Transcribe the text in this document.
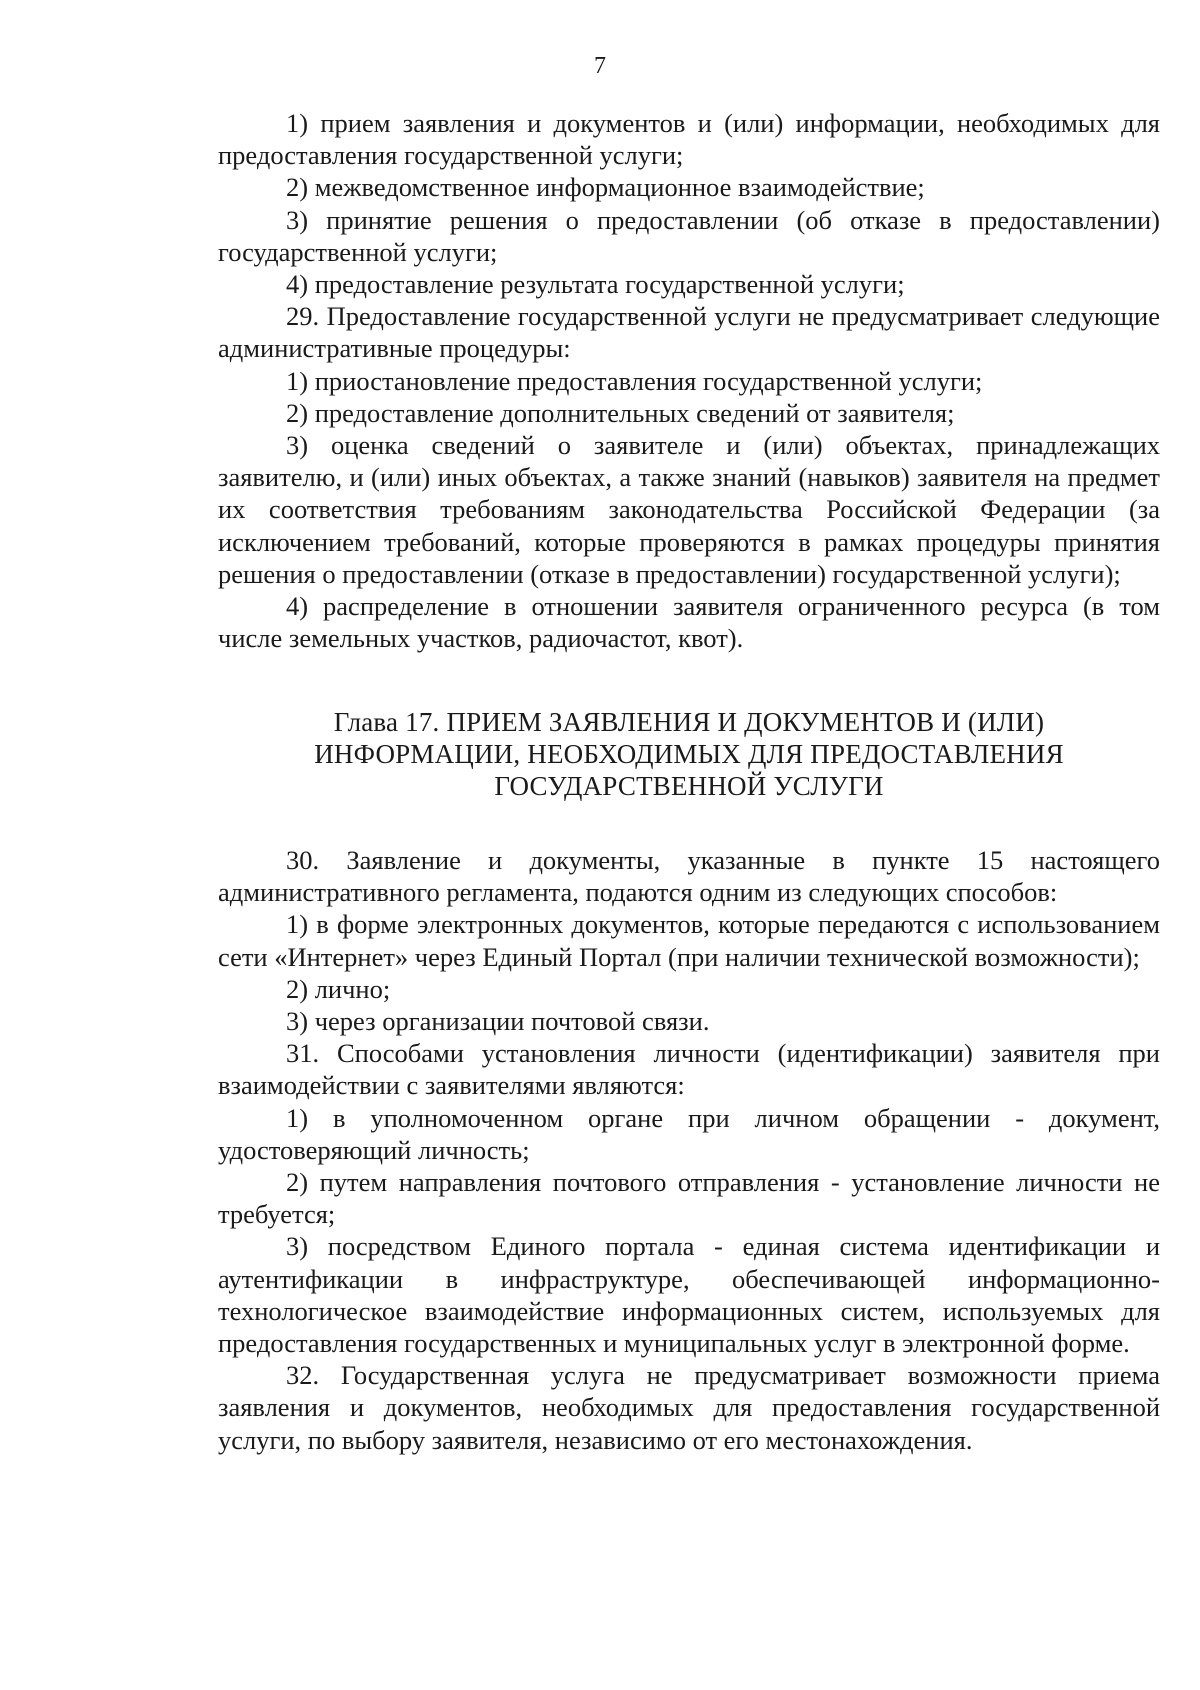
7

1) прием заявления и документов и (или) информации, необходимых для предоставления государственной услуги;

2) межведомственное информационное взаимодействие;

3) принятие решения о предоставлении (об отказе в предоставлении) государственной услуги;

4) предоставление результата государственной услуги;

29. Предоставление государственной услуги не предусматривает следующие административные процедуры:

1) приостановление предоставления государственной услуги;

2) предоставление дополнительных сведений от заявителя;

3) оценка сведений о заявителе и (или) объектах, принадлежащих заявителю, и (или) иных объектах, а также знаний (навыков) заявителя на предмет их соответствия требованиям законодательства Российской Федерации (за исключением требований, которые проверяются в рамках процедуры принятия решения о предоставлении (отказе в предоставлении) государственной услуги);

4) распределение в отношении заявителя ограниченного ресурса (в том числе земельных участков, радиочастот, квот).

Глава 17. ПРИЕМ ЗАЯВЛЕНИЯ И ДОКУМЕНТОВ И (ИЛИ)
ИНФОРМАЦИИ, НЕОБХОДИМЫХ ДЛЯ ПРЕДОСТАВЛЕНИЯ
ГОСУДАРСТВЕННОЙ УСЛУГИ

30. Заявление и документы, указанные в пункте 15 настоящего административного регламента, подаются одним из следующих способов:

1) в форме электронных документов, которые передаются с использованием сети «Интернет» через Единый Портал (при наличии технической возможности);

2) лично;

3) через организации почтовой связи.

31. Способами установления личности (идентификации) заявителя при взаимодействии с заявителями являются:

1) в уполномоченном органе при личном обращении - документ, удостоверяющий личность;

2) путем направления почтового отправления - установление личности не требуется;

3) посредством Единого портала - единая система идентификации и аутентификации в инфраструктуре, обеспечивающей информационно-технологическое взаимодействие информационных систем, используемых для предоставления государственных и муниципальных услуг в электронной форме.

32. Государственная услуга не предусматривает возможности приема заявления и документов, необходимых для предоставления государственной услуги, по выбору заявителя, независимо от его местонахождения.
